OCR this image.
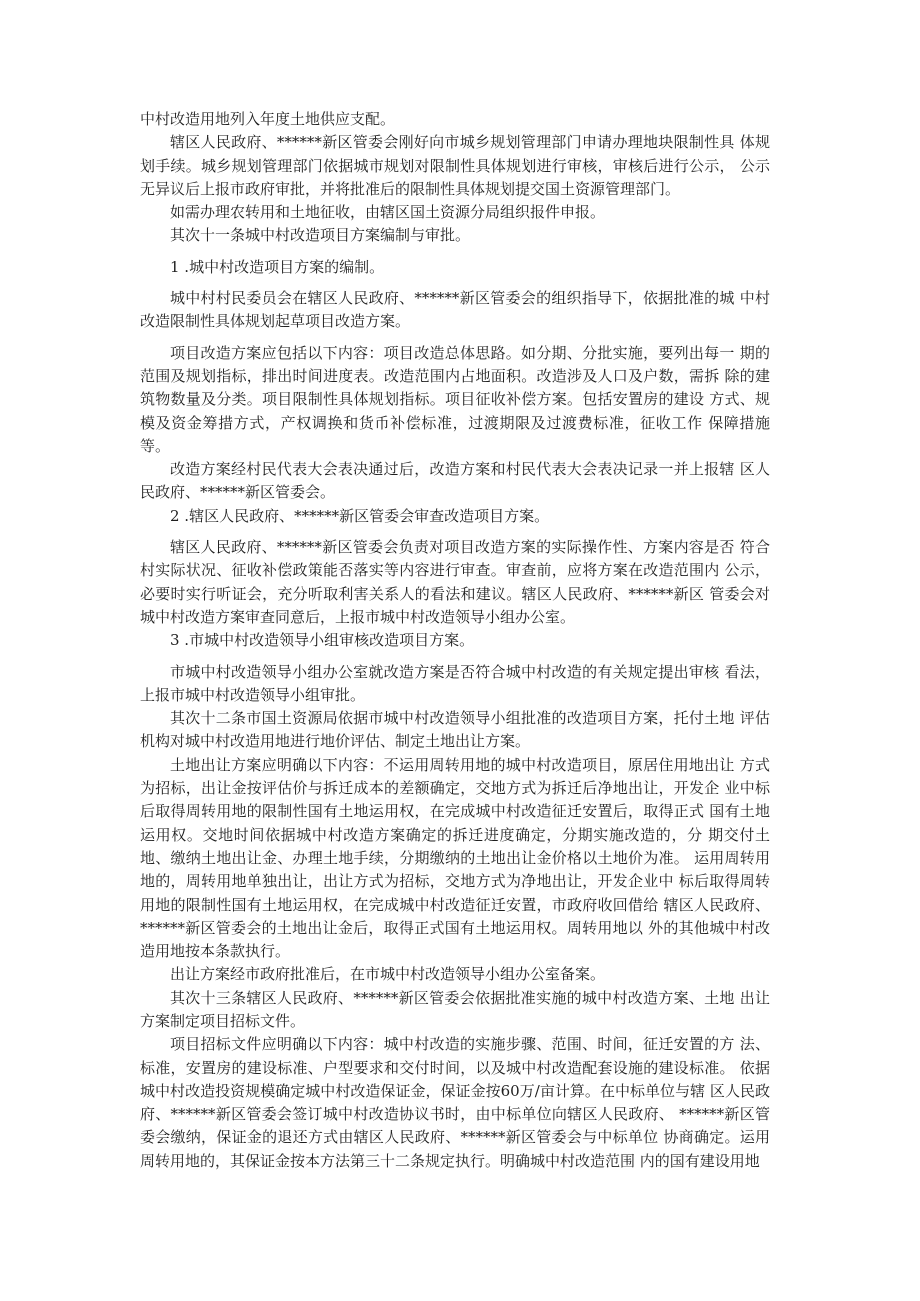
中村改造用地列入年度土地供应支配。

辖区人民政府、******新区管委会刚好向市城乡规划管理部门申请办理地块限制性具 体规划手续。城乡规划管理部门依据城市规划对限制性具体规划进行审核，审核后进行公示， 公示无异议后上报市政府审批，并将批准后的限制性具体规划提交国土资源管理部门。

如需办理农转用和土地征收，由辖区国土资源分局组织报件申报。

其次十一条城中村改造项目方案编制与审批。

1 .城中村改造项目方案的编制。

城中村村民委员会在辖区人民政府、******新区管委会的组织指导下，依据批准的城 中村改造限制性具体规划起草项目改造方案。

项目改造方案应包括以下内容：项目改造总体思路。如分期、分批实施，要列出每一 期的范围及规划指标，排出时间进度表。改造范围内占地面积。改造涉及人口及户数，需拆 除的建筑物数量及分类。项目限制性具体规划指标。项目征收补偿方案。包括安置房的建设 方式、规模及资金筹措方式，产权调换和货币补偿标准，过渡期限及过渡费标准，征收工作 保障措施等。

改造方案经村民代表大会表决通过后，改造方案和村民代表大会表决记录一并上报辖 区人民政府、******新区管委会。

2 .辖区人民政府、******新区管委会审查改造项目方案。

辖区人民政府、******新区管委会负责对项目改造方案的实际操作性、方案内容是否 符合村实际状况、征收补偿政策能否落实等内容进行审查。审查前，应将方案在改造范围内 公示，必要时实行听证会，充分听取利害关系人的看法和建议。辖区人民政府、******新区 管委会对城中村改造方案审查同意后，上报市城中村改造领导小组办公室。

3 .市城中村改造领导小组审核改造项目方案。

市城中村改造领导小组办公室就改造方案是否符合城中村改造的有关规定提出审核 看法，上报市城中村改造领导小组审批。

其次十二条市国土资源局依据市城中村改造领导小组批准的改造项目方案，托付土地 评估机构对城中村改造用地进行地价评估、制定土地出让方案。

土地出让方案应明确以下内容：不运用周转用地的城中村改造项目，原居住用地出让 方式为招标，出让金按评估价与拆迁成本的差额确定，交地方式为拆迁后净地出让，开发企 业中标后取得周转用地的限制性国有土地运用权，在完成城中村改造征迁安置后，取得正式 国有土地运用权。交地时间依据城中村改造方案确定的拆迁进度确定，分期实施改造的，分 期交付土地、缴纳土地出让金、办理土地手续，分期缴纳的土地出让金价格以土地价为准。 运用周转用地的，周转用地单独出让，出让方式为招标，交地方式为净地出让，开发企业中 标后取得周转用地的限制性国有土地运用权，在完成城中村改造征迁安置，市政府收回借给 辖区人民政府、******新区管委会的土地出让金后，取得正式国有土地运用权。周转用地以 外的其他城中村改造用地按本条款执行。

出让方案经市政府批准后，在市城中村改造领导小组办公室备案。

其次十三条辖区人民政府、******新区管委会依据批准实施的城中村改造方案、土地 出让方案制定项目招标文件。

项目招标文件应明确以下内容：城中村改造的实施步骤、范围、时间，征迁安置的方 法、标准，安置房的建设标准、户型要求和交付时间，以及城中村改造配套设施的建设标准。 依据城中村改造投资规模确定城中村改造保证金，保证金按60万/亩计算。在中标单位与辖 区人民政府、******新区管委会签订城中村改造协议书时，由中标单位向辖区人民政府、 ******新区管委会缴纳，保证金的退还方式由辖区人民政府、******新区管委会与中标单位 协商确定。运用周转用地的，其保证金按本方法第三十二条规定执行。明确城中村改造范围 内的国有建设用地
